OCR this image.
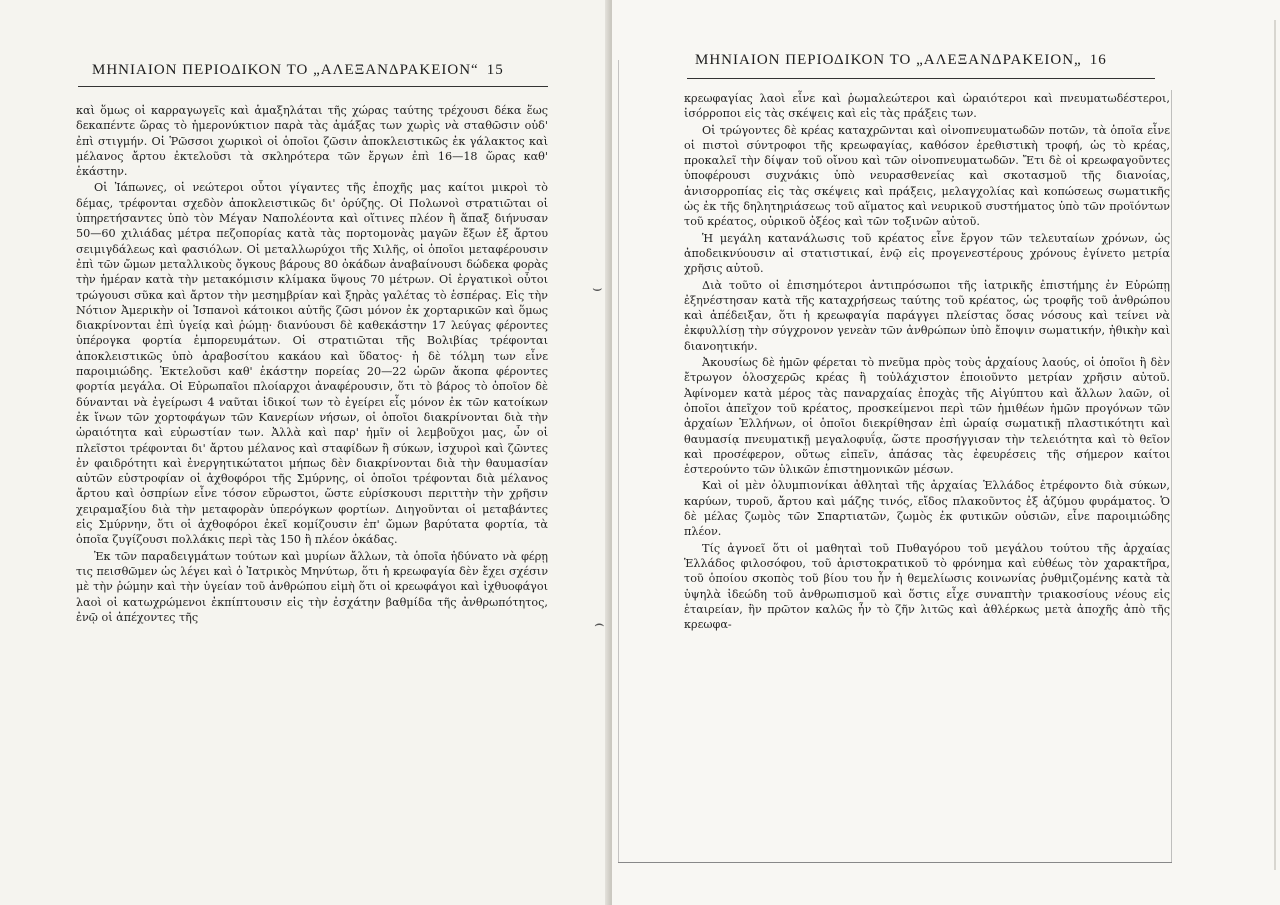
ΜΗΝΙΑΙΟΝ ΠΕΡΙΟΔΙΚΟΝ ΤΟ „ΑΛΕΞΑΝΔΡΑΚΕΙΟΝ“ 15

καὶ ὅμως οἱ καρραγωγεῖς καὶ ἁμαξηλάται τῆς χώρας ταύτης τρέχουσι δέκα ἕως δεκαπέντε ὥρας τὸ ἡμερονύκτιον παρὰ τὰς ἁμάξας των χωρὶς νὰ σταθῶσιν οὐδ' ἐπὶ στιγμήν. Οἱ Ῥῶσσοι χωρικοὶ οἱ ὁποῖοι ζῶσιν ἀποκλειστικῶς ἐκ γάλακτος καὶ μέλανος ἄρτου ἐκτελοῦσι τὰ σκληρότερα τῶν ἔργων ἐπὶ 16—18 ὥρας καθ' ἑκάστην.

Οἱ Ἰάπωνες, οἱ νεώτεροι οὗτοι γίγαντες τῆς ἐποχῆς μας καίτοι μικροὶ τὸ δέμας, τρέφονται σχεδὸν ἀποκλειστικῶς δι' ὀρύζης. Οἱ Πολωνοὶ στρατιῶται οἱ ὑπηρετήσαντες ὑπὸ τὸν Μέγαν Ναπολέοντα καὶ οἵτινες πλέον ἢ ἅπαξ διήνυσαν 50—60 χιλιάδας μέτρα πεζοπορίας κατὰ τὰς πορτομονὰς μαγῶν ἔξων ἐξ ἄρτου σειμιγδάλεως καὶ φασιόλων. Οἱ μεταλλωρύχοι τῆς Χιλῆς, οἱ ὁποῖοι μεταφέρουσιν ἐπὶ τῶν ὤμων μεταλλικοὺς ὄγκους βάρους 80 ὀκάδων ἀναβαίνουσι δώδεκα φορὰς τὴν ἡμέραν κατὰ τὴν μετακόμισιν κλίμακα ὕψους 70 μέτρων. Οἱ ἐργατικοὶ οὗτοι τρώγουσι σῦκα καὶ ἄρτον τὴν μεσημβρίαν καὶ ξηρὰς γαλέτας τὸ ἑσπέρας. Εἰς τὴν Νότιον Ἀμερικὴν οἱ Ἱσπανοὶ κάτοικοι αὐτῆς ζῶσι μόνον ἐκ χορταρικῶν καὶ ὅμως διακρίνονται ἐπὶ ὑγείᾳ καὶ ῥώμῃ· διανύουσι δὲ καθεκάστην 17 λεύγας φέροντες ὑπέρογκα φορτία ἐμπορευμάτων. Οἱ στρατιῶται τῆς Βολιβίας τρέφονται ἀποκλειστικῶς ὑπὸ ἀραβοσίτου κακάου καὶ ὕδατος· ἡ δὲ τόλμη των εἶνε παροιμιώδης. Ἐκτελοῦσι καθ' ἑκάστην πορείας 20—22 ὡρῶν ἄκοπα φέροντες φορτία μεγάλα. Οἱ Εὐρωπαῖοι πλοίαρχοι ἀναφέρουσιν, ὅτι τὸ βάρος τὸ ὁποῖον δὲ δύνανται νὰ ἐγείρωσι 4 ναῦται ἰδικοί των τὸ ἐγείρει εἷς μόνον ἐκ τῶν κατοίκων ἐκ ἴνων τῶν χορτοφάγων τῶν Κανερίων νήσων, οἱ ὁποῖοι διακρίνονται διὰ τὴν ὡραιότητα καὶ εὐρωστίαν των. Ἀλλὰ καὶ παρ' ἡμῖν οἱ λεμβοῦχοι μας, ὧν οἱ πλεῖστοι τρέφονται δι' ἄρτου μέλανος καὶ σταφίδων ἢ σύκων, ἰσχυροὶ καὶ ζῶντες ἐν φαιδρότητι καὶ ἐνεργητικώτατοι μήπως δὲν διακρίνονται διὰ τὴν θαυμασίαν αὐτῶν εὐστροφίαν οἱ ἀχθοφόροι τῆς Σμύρνης, οἱ ὁποῖοι τρέφονται διὰ μέλανος ἄρτου καὶ ὀσπρίων εἶνε τόσον εὔρωστοι, ὥστε εὑρίσκουσι περιττὴν τὴν χρῆσιν χειραμαξίου διὰ τὴν μεταφορὰν ὑπερόγκων φορτίων. Διηγοῦνται οἱ μεταβάντες εἰς Σμύρνην, ὅτι οἱ ἀχθοφόροι ἐκεῖ κομίζουσιν ἐπ' ὤμων βαρύτατα φορτία, τὰ ὁποῖα ζυγίζουσι πολλάκις περὶ τὰς 150 ἢ πλέον ὀκάδας.

Ἐκ τῶν παραδειγμάτων τούτων καὶ μυρίων ἄλλων, τὰ ὁποῖα ἠδύνατο νὰ φέρῃ τις πεισθῶμεν ὡς λέγει καὶ ὁ Ἰατρικὸς Μηνύτωρ, ὅτι ἡ κρεωφαγία δὲν ἔχει σχέσιν μὲ τὴν ῥώμην καὶ τὴν ὑγείαν τοῦ ἀνθρώπου εἰμὴ ὅτι οἱ κρεωφάγοι καὶ ἰχθυοφάγοι λαοὶ οἱ κατωχρώμενοι ἐκπίπτουσιν εἰς τὴν ἐσχάτην βαθμίδα τῆς ἀνθρωπότητος, ἐνῷ οἱ ἀπέχοντες τῆς

ΜΗΝΙΑΙΟΝ ΠΕΡΙΟΔΙΚΟΝ ΤΟ „ΑΛΕΞΑΝΔΡΑΚΕΙΟΝ„ 16

κρεωφαγίας λαοὶ εἶνε καὶ ῥωμαλεώτεροι καὶ ὡραιότεροι καὶ πνευματωδέστεροι, ἰσόρροποι εἰς τὰς σκέψεις καὶ εἰς τὰς πράξεις των.

Οἱ τρώγοντες δὲ κρέας καταχρῶνται καὶ οἰνοπνευματωδῶν ποτῶν, τὰ ὁποῖα εἶνε οἱ πιστοὶ σύντροφοι τῆς κρεωφαγίας, καθόσον ἐρεθιστικὴ τροφή, ὡς τὸ κρέας, προκαλεῖ τὴν δίψαν τοῦ οἴνου καὶ τῶν οἰνοπνευματωδῶν. Ἔτι δὲ οἱ κρεωφαγοῦντες ὑποφέρουσι συχνάκις ὑπὸ νευρασθενείας καὶ σκοτασμοῦ τῆς διανοίας, ἀνισορροπίας εἰς τὰς σκέψεις καὶ πράξεις, μελαγχολίας καὶ κοπώσεως σωματικῆς ὡς ἐκ τῆς δηλητηριάσεως τοῦ αἵματος καὶ νευρικοῦ συστήματος ὑπὸ τῶν προϊόντων τοῦ κρέατος, οὐρικοῦ ὀξέος καὶ τῶν τοξινῶν αὐτοῦ.

Ἡ μεγάλη κατανάλωσις τοῦ κρέατος εἶνε ἔργον τῶν τελευταίων χρόνων, ὡς ἀποδεικνύουσιν αἱ στατιστικαί, ἐνῷ εἰς προγενεστέρους χρόνους ἐγίνετο μετρία χρῆσις αὐτοῦ.

Διὰ τοῦτο οἱ ἐπισημότεροι ἀντιπρόσωποι τῆς ἰατρικῆς ἐπιστήμης ἐν Εὐρώπῃ ἐξηνέστησαν κατὰ τῆς καταχρήσεως ταύτης τοῦ κρέατος, ὡς τροφῆς τοῦ ἀνθρώπου καὶ ἀπέδειξαν, ὅτι ἡ κρεωφαγία παράγγει πλείστας ὅσας νόσους καὶ τείνει νὰ ἐκφυλλίσῃ τὴν σύγχρονον γενεὰν τῶν ἀνθρώπων ὑπὸ ἔποψιν σωματικήν, ἠθικὴν καὶ διανοητικήν.

Ἀκουσίως δὲ ἡμῶν φέρεται τὸ πνεῦμα πρὸς τοὺς ἀρχαίους λαούς, οἱ ὁποῖοι ἢ δὲν ἔτρωγον ὁλοσχερῶς κρέας ἢ τοὐλάχιστον ἐποιοῦντο μετρίαν χρῆσιν αὐτοῦ. Ἀφίνομεν κατὰ μέρος τὰς παναρχαίας ἐποχὰς τῆς Αἰγύπτου καὶ ἄλλων λαῶν, οἱ ὁποῖοι ἀπεῖχον τοῦ κρέατος, προσκείμενοι περὶ τῶν ἡμιθέων ἡμῶν προγόνων τῶν ἀρχαίων Ἑλλήνων, οἱ ὁποῖοι διεκρίθησαν ἐπὶ ὡραίᾳ σωματικῇ πλαστικότητι καὶ θαυμασίᾳ πνευματικῇ μεγαλοφυΐᾳ, ὥστε προσήγγισαν τὴν τελειότητα καὶ τὸ θεῖον καὶ προσέφερον, οὕτως εἰπεῖν, ἁπάσας τὰς ἐφευρέσεις τῆς σήμερον καίτοι ἐστερούντο τῶν ὑλικῶν ἐπιστημονικῶν μέσων.

Καὶ οἱ μὲν ὀλυμπιονίκαι ἀθληταὶ τῆς ἀρχαίας Ἑλλάδος ἐτρέφοντο διὰ σύκων, καρύων, τυροῦ, ἄρτου καὶ μάζης τινός, εἴδος πλακοῦντος ἐξ ἀζύμου φυράματος. Ὁ δὲ μέλας ζωμὸς τῶν Σπαρτιατῶν, ζωμὸς ἐκ φυτικῶν οὐσιῶν, εἶνε παροιμιώδης πλέον.

Τίς ἀγνοεῖ ὅτι οἱ μαθηταὶ τοῦ Πυθαγόρου τοῦ μεγάλου τούτου τῆς ἀρχαίας Ἑλλάδος φιλοσόφου, τοῦ ἀριστοκρατικοῦ τὸ φρόνημα καὶ εὐθέως τὸν χαρακτῆρα, τοῦ ὁποίου σκοπὸς τοῦ βίου του ἦν ἡ θεμελίωσις κοινωνίας ῥυθμιζομένης κατὰ τὰ ὑψηλὰ ἰδεώδη τοῦ ἀνθρωπισμοῦ καὶ ὅστις εἶχε συναπτὴν τριακοσίους νέους εἰς ἑταιρείαν, ἣν πρῶτον καλῶς ἦν τὸ ζῆν λιτῶς καὶ ἀθλέρκως μετὰ ἀποχῆς ἀπὸ τῆς κρεωφα-

⌣
⌢
